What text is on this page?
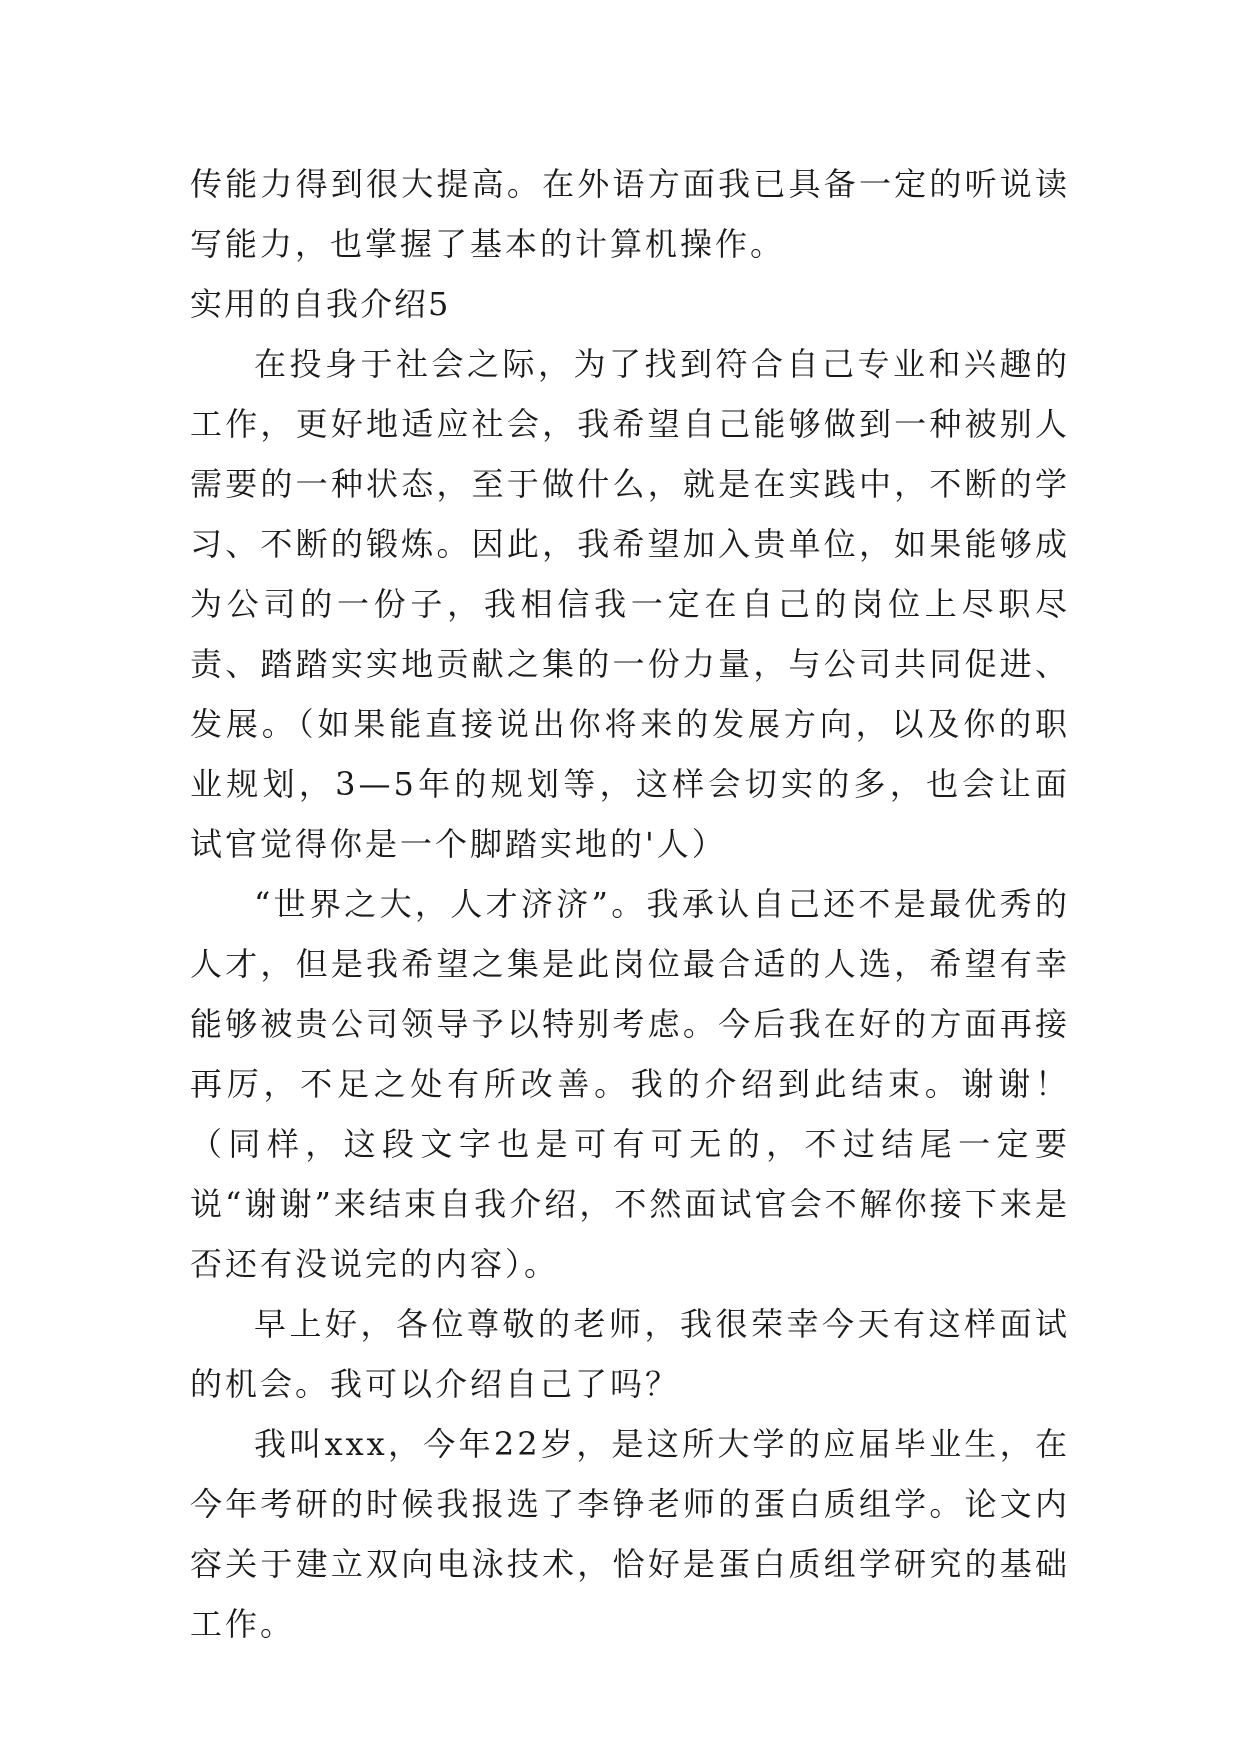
传能力得到很大提高。在外语方面我已具备一定的听说读写能力，也掌握了基本的计算机操作。

实用的自我介绍5

在投身于社会之际，为了找到符合自己专业和兴趣的工作，更好地适应社会，我希望自己能够做到一种被别人需要的一种状态，至于做什么，就是在实践中，不断的学习、不断的锻炼。因此，我希望加入贵单位，如果能够成为公司的一份子，我相信我一定在自己的岗位上尽职尽责、踏踏实实地贡献之集的一份力量，与公司共同促进、发展。（如果能直接说出你将来的发展方向，以及你的职业规划，3—5年的规划等，这样会切实的多，也会让面试官觉得你是一个脚踏实地的'人）

“世界之大，人才济济”。我承认自己还不是最优秀的人才，但是我希望之集是此岗位最合适的人选，希望有幸能够被贵公司领导予以特别考虑。今后我在好的方面再接再厉，不足之处有所改善。我的介绍到此结束。谢谢！（同样，这段文字也是可有可无的，不过结尾一定要说“谢谢”来结束自我介绍，不然面试官会不解你接下来是否还有没说完的内容）。

早上好，各位尊敬的老师，我很荣幸今天有这样面试的机会。我可以介绍自己了吗？

我叫xxx，今年22岁，是这所大学的应届毕业生，在今年考研的时候我报选了李铮老师的蛋白质组学。论文内容关于建立双向电泳技术，恰好是蛋白质组学研究的基础工作。
